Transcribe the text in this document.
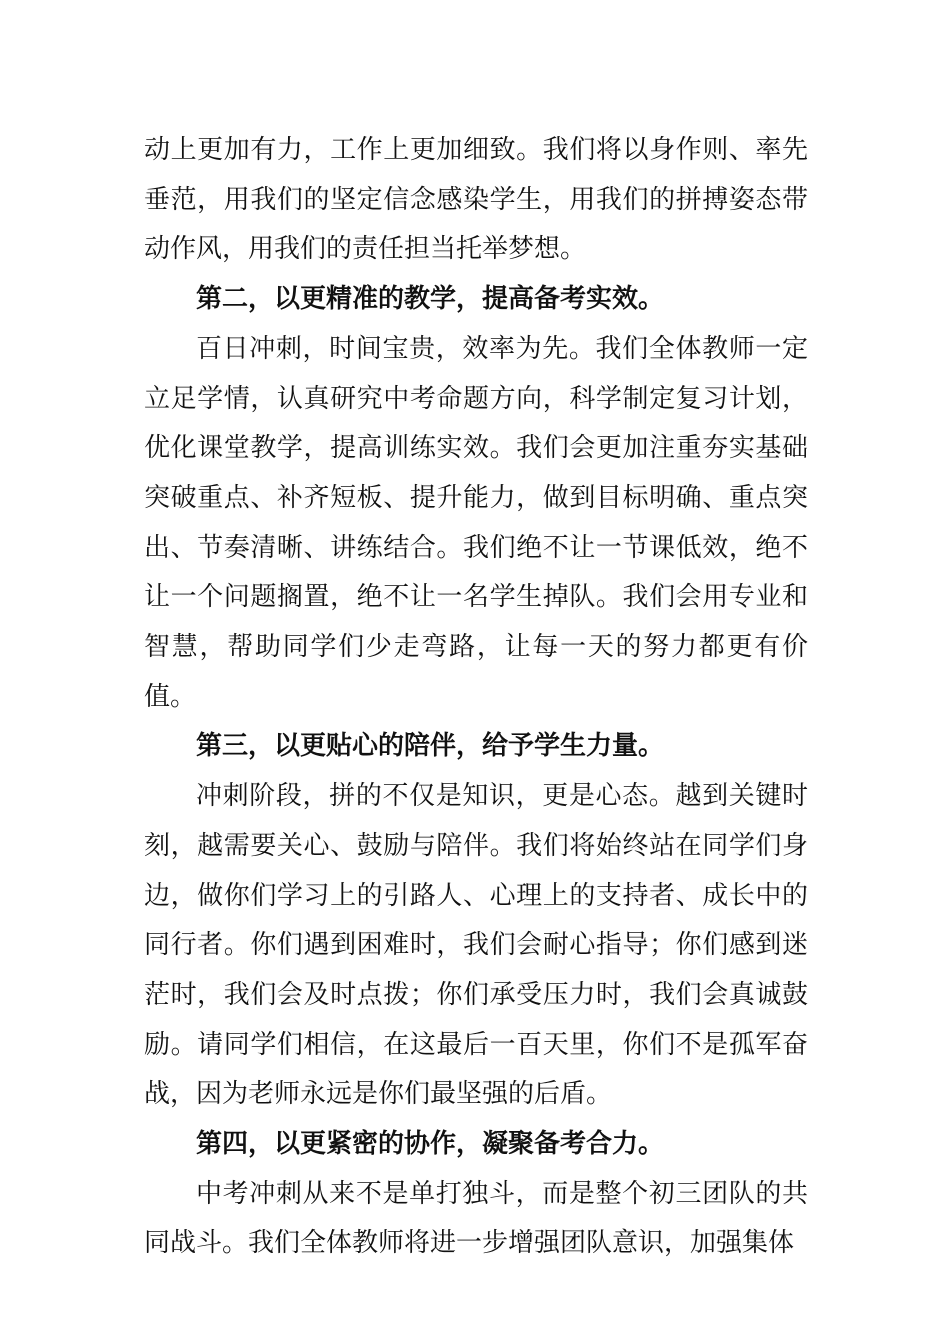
动上更加有力，工作上更加细致。我们将以身作则、率先垂范，用我们的坚定信念感染学生，用我们的拼搏姿态带动作风，用我们的责任担当托举梦想。

第二，以更精准的教学，提高备考实效。

百日冲刺，时间宝贵，效率为先。我们全体教师一定立足学情，认真研究中考命题方向，科学制定复习计划，优化课堂教学，提高训练实效。我们会更加注重夯实基础突破重点、补齐短板、提升能力，做到目标明确、重点突出、节奏清晰、讲练结合。我们绝不让一节课低效，绝不让一个问题搁置，绝不让一名学生掉队。我们会用专业和智慧，帮助同学们少走弯路，让每一天的努力都更有价值。

第三，以更贴心的陪伴，给予学生力量。

冲刺阶段，拼的不仅是知识，更是心态。越到关键时刻，越需要关心、鼓励与陪伴。我们将始终站在同学们身边，做你们学习上的引路人、心理上的支持者、成长中的同行者。你们遇到困难时，我们会耐心指导；你们感到迷茫时，我们会及时点拨；你们承受压力时，我们会真诚鼓励。请同学们相信，在这最后一百天里，你们不是孤军奋战，因为老师永远是你们最坚强的后盾。

第四，以更紧密的协作，凝聚备考合力。

中考冲刺从来不是单打独斗，而是整个初三团队的共同战斗。我们全体教师将进一步增强团队意识，加强集体
